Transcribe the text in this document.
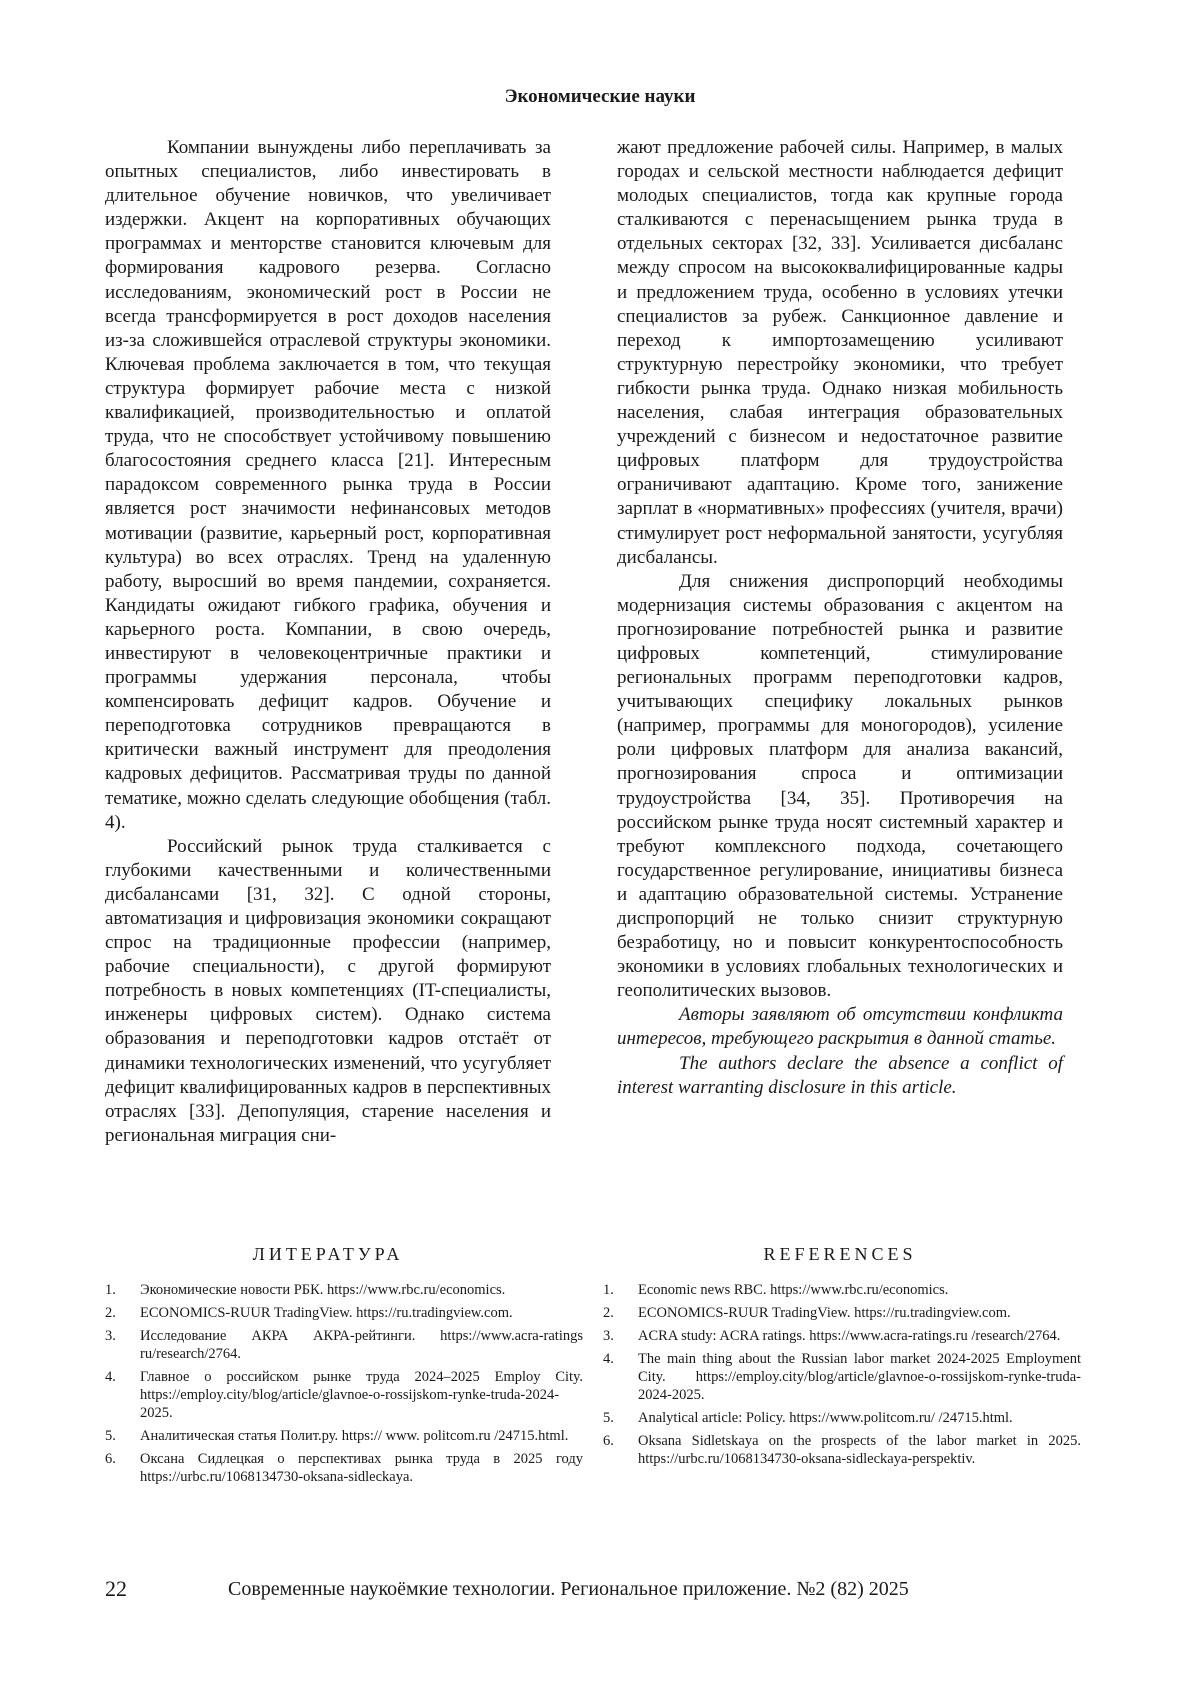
Экономические науки

Компании вынуждены либо переплачивать за опытных специалистов, либо инвестировать в длительное обучение новичков, что увеличивает издержки. Акцент на корпоративных обучающих программах и менторстве становится ключевым для формирования кадрового резерва. Согласно исследованиям, экономический рост в России не всегда трансформируется в рост доходов населения из-за сложившейся отраслевой структуры экономики. Ключевая проблема заключается в том, что текущая структура формирует рабочие места с низкой квалификацией, производительностью и оплатой труда, что не способствует устойчивому повышению благосостояния среднего класса [21]. Интересным парадоксом современного рынка труда в России является рост значимости нефинансовых методов мотивации (развитие, карьерный рост, корпоративная культура) во всех отраслях. Тренд на удаленную работу, выросший во время пандемии, сохраняется. Кандидаты ожидают гибкого графика, обучения и карьерного роста. Компании, в свою очередь, инвестируют в человекоцентричные практики и программы удержания персонала, чтобы компенсировать дефицит кадров. Обучение и переподготовка сотрудников превращаются в критически важный инструмент для преодоления кадровых дефицитов. Рассматривая труды по данной тематике, можно сделать следующие обобщения (табл. 4).

Российский рынок труда сталкивается с глубокими качественными и количественными дисбалансами [31, 32]. С одной стороны, автоматизация и цифровизация экономики сокращают спрос на традиционные профессии (например, рабочие специальности), с другой формируют потребность в новых компетенциях (IT-специалисты, инженеры цифровых систем). Однако система образования и переподготовки кадров отстаёт от динамики технологических изменений, что усугубляет дефицит квалифицированных кадров в перспективных отраслях [33]. Депопуляция, старение населения и региональная миграция сни-

жают предложение рабочей силы. Например, в малых городах и сельской местности наблюдается дефицит молодых специалистов, тогда как крупные города сталкиваются с перенасыщением рынка труда в отдельных секторах [32, 33]. Усиливается дисбаланс между спросом на высококвалифицированные кадры и предложением труда, особенно в условиях утечки специалистов за рубеж. Санкционное давление и переход к импортозамещению усиливают структурную перестройку экономики, что требует гибкости рынка труда. Однако низкая мобильность населения, слабая интеграция образовательных учреждений с бизнесом и недостаточное развитие цифровых платформ для трудоустройства ограничивают адаптацию. Кроме того, занижение зарплат в «нормативных» профессиях (учителя, врачи) стимулирует рост неформальной занятости, усугубляя дисбалансы.

Для снижения диспропорций необходимы модернизация системы образования с акцентом на прогнозирование потребностей рынка и развитие цифровых компетенций, стимулирование региональных программ переподготовки кадров, учитывающих специфику локальных рынков (например, программы для моногородов), усиление роли цифровых платформ для анализа вакансий, прогнозирования спроса и оптимизации трудоустройства [34, 35]. Противоречия на российском рынке труда носят системный характер и требуют комплексного подхода, сочетающего государственное регулирование, инициативы бизнеса и адаптацию образовательной системы. Устранение диспропорций не только снизит структурную безработицу, но и повысит конкурентоспособность экономики в условиях глобальных технологических и геополитических вызовов.

Авторы заявляют об отсутствии конфликта интересов, требующего раскрытия в данной статье.

The authors declare the absence a conflict of interest warranting disclosure in this article.

ЛИТЕРАТУРА	REFERENCES
1. Экономические новости РБК. https://www.rbc.ru/economics.
2. ECONOMICS-RUUR TradingView. https://ru.tradingview.com.
3. Исследование АКРА АКРА-рейтинги. https://www.acra-ratings ru/research/2764.
4. Главное о российском рынке труда 2024–2025 Employ City. https://employ.city/blog/article/glavnoe-o-rossijskom-rynke-truda-2024-2025.
5. Аналитическая статья Полит.ру. https:// www. politcom.ru /24715.html.
6. Оксана Сидлецкая о перспективах рынка труда в 2025 году https://urbc.ru/1068134730-oksana-sidleckaya.
1. Economic news RBC. https://www.rbc.ru/economics.
2. ECONOMICS-RUUR TradingView. https://ru.tradingview.com.
3. ACRA study: ACRA ratings. https://www.acra-ratings.ru /research/2764.
4. The main thing about the Russian labor market 2024-2025 Employment City. https://employ.city/blog/article/glavnoe-o-rossijskom-rynke-truda-2024-2025.
5. Analytical article: Policy. https://www.politcom.ru/ /24715.html.
6. Oksana Sidletskaya on the prospects of the labor market in 2025. https://urbc.ru/1068134730-oksana-sidleckaya-perspektiv.
22	Современные наукоёмкие технологии. Региональное приложение. №2 (82) 2025
